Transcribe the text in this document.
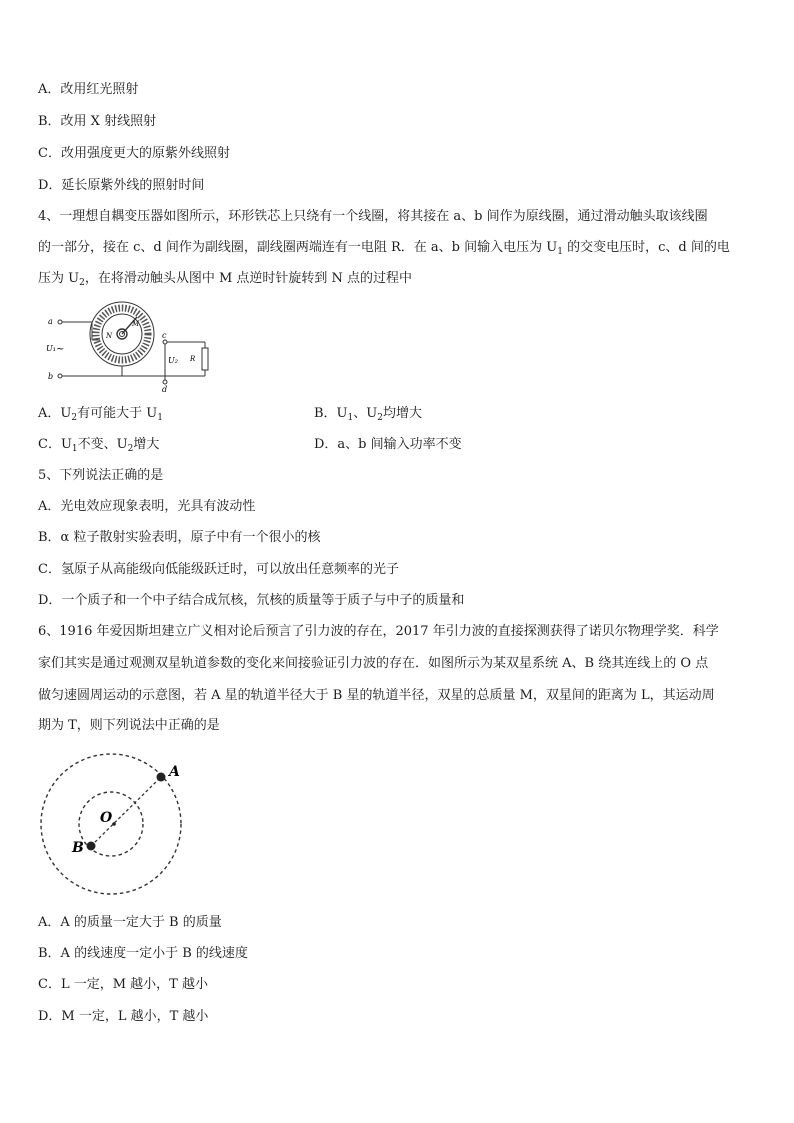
A．改用红光照射
B．改用 X 射线照射
C．改用强度更大的原紫外线照射
D．延长原紫外线的照射时间
4、一理想自耦变压器如图所示，环形铁芯上只绕有一个线圈，将其接在 a、b 间作为原线圈，通过滑动触头取该线圈
的一部分，接在 c、d 间作为副线圈，副线圈两端连有一电阻 R．在 a、b 间输入电压为 $U_1$ 的交变电压时，c、d 间的电
压为 $U_2$，在将滑动触头从图中 M 点逆时针旋转到 N 点的过程中
a
b
U₁ ~
c
d
U₂ R
M
N
A．$U_2$有可能大于 $U_1$	B．$U_1$、$U_2$均增大
C．$U_1$不变、$U_2$增大	D．a、b 间输入功率不变
5、下列说法正确的是
A．光电效应现象表明，光具有波动性
B．α 粒子散射实验表明，原子中有一个很小的核
C．氢原子从高能级向低能级跃迁时，可以放出任意频率的光子
D．一个质子和一个中子结合成氘核，氘核的质量等于质子与中子的质量和
6、1916 年爱因斯坦建立广义相对论后预言了引力波的存在，2017 年引力波的直接探测获得了诺贝尔物理学奖．科学
家们其实是通过观测双星轨道参数的变化来间接验证引力波的存在．如图所示为某双星系统 A、B 绕其连线上的 O 点
做匀速圆周运动的示意图，若 A 星的轨道半径大于 B 星的轨道半径，双星的总质量 M，双星间的距离为 L，其运动周
期为 T，则下列说法中正确的是
A
B
O
A．A 的质量一定大于 B 的质量
B．A 的线速度一定小于 B 的线速度
C．L 一定，M 越小，T 越小
D．M 一定，L 越小，T 越小
